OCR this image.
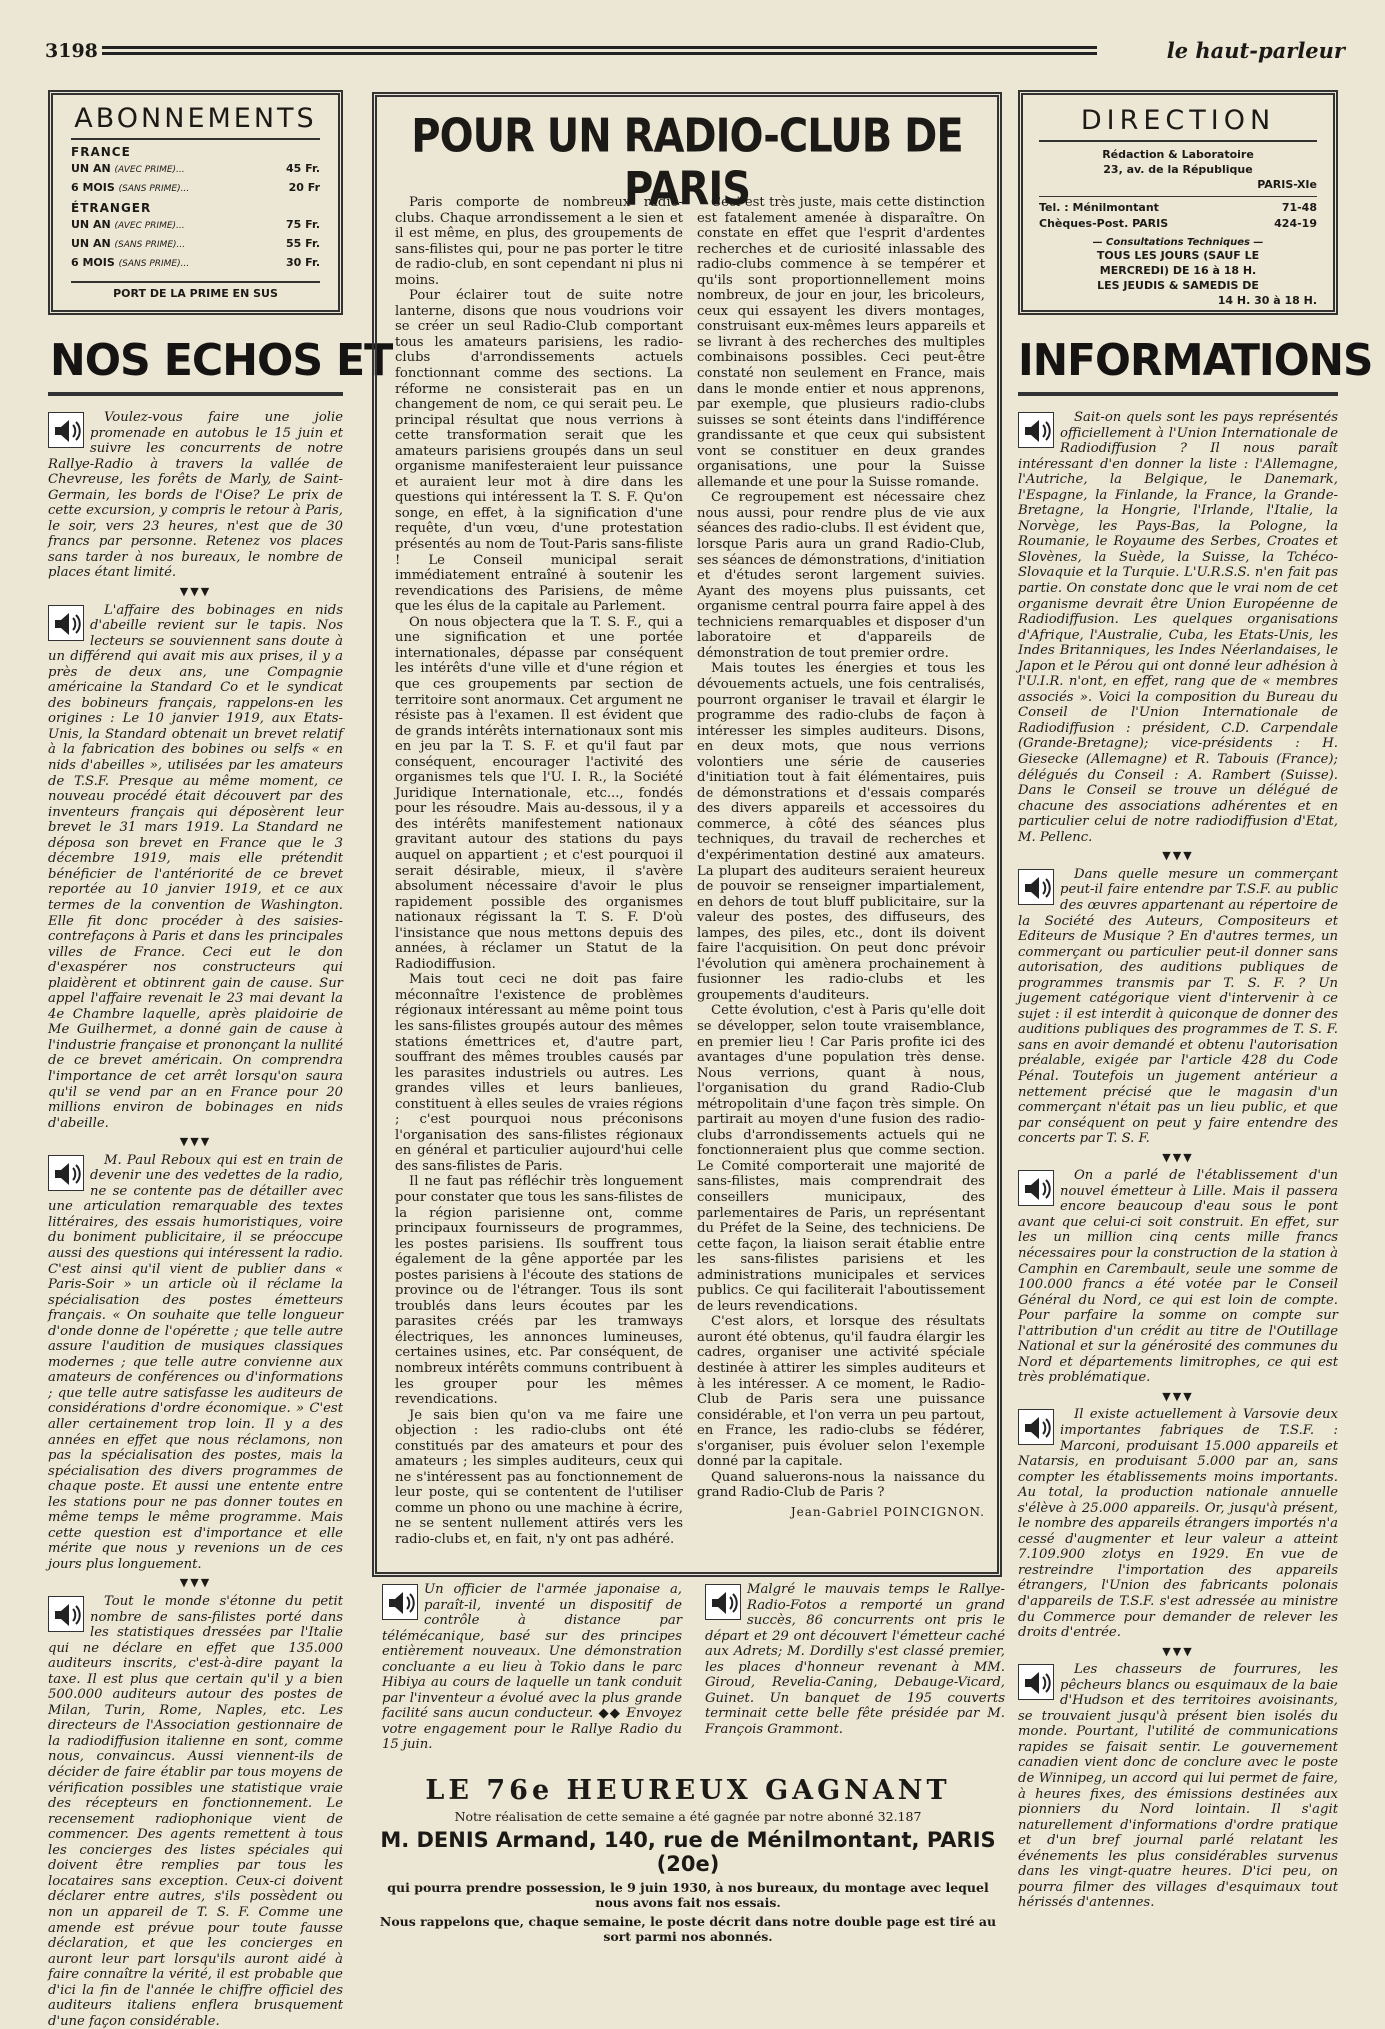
3198	le haut-parleur
ABONNEMENTS
FRANCE
UN AN (AVEC PRIME)...	45 Fr.
6 MOIS (SANS PRIME)...	20 Fr
ÉTRANGER
UN AN (AVEC PRIME)...	75 Fr.
UN AN (SANS PRIME)...	55 Fr.
6 MOIS (SANS PRIME)...	30 Fr.
PORT DE LA PRIME EN SUS
DIRECTION
Rédaction & Laboratoire
23, av. de la République
PARIS-XIe
Tel. : Ménilmontant	71-48
Chèques-Post. PARIS	424-19
— Consultations Techniques —
TOUS LES JOURS (SAUF LE
MERCREDI) DE 16 à 18 H.
LES JEUDIS & SAMEDIS DE
14 H. 30 à 18 H.
NOS ECHOS ET	INFORMATIONS

Voulez-vous faire une jolie promenade en autobus le 15 juin et suivre les concurrents de notre Rallye-Radio à travers la vallée de Chevreuse, les forêts de Marly, de Saint-Germain, les bords de l'Oise? Le prix de cette excursion, y compris le retour à Paris, le soir, vers 23 heures, n'est que de 30 francs par personne. Retenez vos places sans tarder à nos bureaux, le nombre de places étant limité.

▼▼▼

L'affaire des bobinages en nids d'abeille revient sur le tapis. Nos lecteurs se souviennent sans doute à un différend qui avait mis aux prises, il y a près de deux ans, une Compagnie américaine la Standard Co et le syndicat des bobineurs français, rappelons-en les origines : Le 10 janvier 1919, aux Etats-Unis, la Standard obtenait un brevet relatif à la fabrication des bobines ou selfs « en nids d'abeilles », utilisées par les amateurs de T.S.F. Presque au même moment, ce nouveau procédé était découvert par des inventeurs français qui déposèrent leur brevet le 31 mars 1919. La Standard ne déposa son brevet en France que le 3 décembre 1919, mais elle prétendit bénéficier de l'antériorité de ce brevet reportée au 10 janvier 1919, et ce aux termes de la convention de Washington. Elle fit donc procéder à des saisies-contrefaçons à Paris et dans les principales villes de France. Ceci eut le don d'exaspérer nos constructeurs qui plaidèrent et obtinrent gain de cause. Sur appel l'affaire revenait le 23 mai devant la 4e Chambre laquelle, après plaidoirie de Me Guilhermet, a donné gain de cause à l'industrie française et prononçant la nullité de ce brevet américain. On comprendra l'importance de cet arrêt lorsqu'on saura qu'il se vend par an en France pour 20 millions environ de bobinages en nids d'abeille.

▼▼▼

M. Paul Reboux qui est en train de devenir une des vedettes de la radio, ne se contente pas de détailler avec une articulation remarquable des textes littéraires, des essais humoristiques, voire du boniment publicitaire, il se préoccupe aussi des questions qui intéressent la radio. C'est ainsi qu'il vient de publier dans « Paris-Soir » un article où il réclame la spécialisation des postes émetteurs français. « On souhaite que telle longueur d'onde donne de l'opérette ; que telle autre assure l'audition de musiques classiques modernes ; que telle autre convienne aux amateurs de conférences ou d'informations ; que telle autre satisfasse les auditeurs de considérations d'ordre économique. » C'est aller certainement trop loin. Il y a des années en effet que nous réclamons, non pas la spécialisation des postes, mais la spécialisation des divers programmes de chaque poste. Et aussi une entente entre les stations pour ne pas donner toutes en même temps le même programme. Mais cette question est d'importance et elle mérite que nous y revenions un de ces jours plus longuement.

▼▼▼

Tout le monde s'étonne du petit nombre de sans-filistes porté dans les statistiques dressées par l'Italie qui ne déclare en effet que 135.000 auditeurs inscrits, c'est-à-dire payant la taxe. Il est plus que certain qu'il y a bien 500.000 auditeurs autour des postes de Milan, Turin, Rome, Naples, etc. Les directeurs de l'Association gestionnaire de la radiodiffusion italienne en sont, comme nous, convaincus. Aussi viennent-ils de décider de faire établir par tous moyens de vérification possibles une statistique vraie des récepteurs en fonctionnement. Le recensement radiophonique vient de commencer. Des agents remettent à tous les concierges des listes spéciales qui doivent être remplies par tous les locataires sans exception. Ceux-ci doivent déclarer entre autres, s'ils possèdent ou non un appareil de T. S. F. Comme une amende est prévue pour toute fausse déclaration, et que les concierges en auront leur part lorsqu'ils auront aidé à faire connaître la vérité, il est probable que d'ici la fin de l'année le chiffre officiel des auditeurs italiens enflera brusquement d'une façon considérable.

POUR UN RADIO-CLUB DE PARIS

Paris comporte de nombreux radio-clubs. Chaque arrondissement a le sien et il est même, en plus, des groupements de sans-filistes qui, pour ne pas porter le titre de radio-club, en sont cependant ni plus ni moins.

Pour éclairer tout de suite notre lanterne, disons que nous voudrions voir se créer un seul Radio-Club comportant tous les amateurs parisiens, les radio-clubs d'arrondissements actuels fonctionnant comme des sections. La réforme ne consisterait pas en un changement de nom, ce qui serait peu. Le principal résultat que nous verrions à cette transformation serait que les amateurs parisiens groupés dans un seul organisme manifesteraient leur puissance et auraient leur mot à dire dans les questions qui intéressent la T. S. F. Qu'on songe, en effet, à la signification d'une requête, d'un vœu, d'une protestation présentés au nom de Tout-Paris sans-filiste ! Le Conseil municipal serait immédiatement entraîné à soutenir les revendications des Parisiens, de même que les élus de la capitale au Parlement.

On nous objectera que la T. S. F., qui a une signification et une portée internationales, dépasse par conséquent les intérêts d'une ville et d'une région et que ces groupements par section de territoire sont anormaux. Cet argument ne résiste pas à l'examen. Il est évident que de grands intérêts internationaux sont mis en jeu par la T. S. F. et qu'il faut par conséquent, encourager l'activité des organismes tels que l'U. I. R., la Société Juridique Internationale, etc..., fondés pour les résoudre. Mais au-dessous, il y a des intérêts manifestement nationaux gravitant autour des stations du pays auquel on appartient ; et c'est pourquoi il serait désirable, mieux, il s'avère absolument nécessaire d'avoir le plus rapidement possible des organismes nationaux régissant la T. S. F. D'où l'insistance que nous mettons depuis des années, à réclamer un Statut de la Radiodiffusion.

Mais tout ceci ne doit pas faire méconnaître l'existence de problèmes régionaux intéressant au même point tous les sans-filistes groupés autour des mêmes stations émettrices et, d'autre part, souffrant des mêmes troubles causés par les parasites industriels ou autres. Les grandes villes et leurs banlieues, constituent à elles seules de vraies régions ; c'est pourquoi nous préconisons l'organisation des sans-filistes régionaux en général et particulier aujourd'hui celle des sans-filistes de Paris.

Il ne faut pas réfléchir très longuement pour constater que tous les sans-filistes de la région parisienne ont, comme principaux fournisseurs de programmes, les postes parisiens. Ils souffrent tous également de la gêne apportée par les postes parisiens à l'écoute des stations de province ou de l'étranger. Tous ils sont troublés dans leurs écoutes par les parasites créés par les tramways électriques, les annonces lumineuses, certaines usines, etc. Par conséquent, de nombreux intérêts communs contribuent à les grouper pour les mêmes revendications.

Je sais bien qu'on va me faire une objection : les radio-clubs ont été constitués par des amateurs et pour des amateurs ; les simples auditeurs, ceux qui ne s'intéressent pas au fonctionnement de leur poste, qui se contentent de l'utiliser comme un phono ou une machine à écrire, ne se sentent nullement attirés vers les radio-clubs et, en fait, n'y ont pas adhéré.

Ceci est très juste, mais cette distinction est fatalement amenée à disparaître. On constate en effet que l'esprit d'ardentes recherches et de curiosité inlassable des radio-clubs commence à se tempérer et qu'ils sont proportionnellement moins nombreux, de jour en jour, les bricoleurs, ceux qui essayent les divers montages, construisant eux-mêmes leurs appareils et se livrant à des recherches des multiples combinaisons possibles. Ceci peut-être constaté non seulement en France, mais dans le monde entier et nous apprenons, par exemple, que plusieurs radio-clubs suisses se sont éteints dans l'indifférence grandissante et que ceux qui subsistent vont se constituer en deux grandes organisations, une pour la Suisse allemande et une pour la Suisse romande.

Ce regroupement est nécessaire chez nous aussi, pour rendre plus de vie aux séances des radio-clubs. Il est évident que, lorsque Paris aura un grand Radio-Club, ses séances de démonstrations, d'initiation et d'études seront largement suivies. Ayant des moyens plus puissants, cet organisme central pourra faire appel à des techniciens remarquables et disposer d'un laboratoire et d'appareils de démonstration de tout premier ordre.

Mais toutes les énergies et tous les dévouements actuels, une fois centralisés, pourront organiser le travail et élargir le programme des radio-clubs de façon à intéresser les simples auditeurs. Disons, en deux mots, que nous verrions volontiers une série de causeries d'initiation tout à fait élémentaires, puis de démonstrations et d'essais comparés des divers appareils et accessoires du commerce, à côté des séances plus techniques, du travail de recherches et d'expérimentation destiné aux amateurs. La plupart des auditeurs seraient heureux de pouvoir se renseigner impartialement, en dehors de tout bluff publicitaire, sur la valeur des postes, des diffuseurs, des lampes, des piles, etc., dont ils doivent faire l'acquisition. On peut donc prévoir l'évolution qui amènera prochainement à fusionner les radio-clubs et les groupements d'auditeurs.

Cette évolution, c'est à Paris qu'elle doit se développer, selon toute vraisemblance, en premier lieu ! Car Paris profite ici des avantages d'une population très dense. Nous verrions, quant à nous, l'organisation du grand Radio-Club métropolitain d'une façon très simple. On partirait au moyen d'une fusion des radio-clubs d'arrondissements actuels qui ne fonctionneraient plus que comme section. Le Comité comporterait une majorité de sans-filistes, mais comprendrait des conseillers municipaux, des parlementaires de Paris, un représentant du Préfet de la Seine, des techniciens. De cette façon, la liaison serait établie entre les sans-filistes parisiens et les administrations municipales et services publics. Ce qui faciliterait l'aboutissement de leurs revendications.

C'est alors, et lorsque des résultats auront été obtenus, qu'il faudra élargir les cadres, organiser une activité spéciale destinée à attirer les simples auditeurs et à les intéresser. A ce moment, le Radio-Club de Paris sera une puissance considérable, et l'on verra un peu partout, en France, les radio-clubs se fédérer, s'organiser, puis évoluer selon l'exemple donné par la capitale.

Quand saluerons-nous la naissance du grand Radio-Club de Paris ?

Jean-Gabriel POINCIGNON.
Un officier de l'armée japonaise a, paraît-il, inventé un dispositif de contrôle à distance par télémécanique, basé sur des principes entièrement nouveaux. Une démonstration concluante a eu lieu à Tokio dans le parc Hibiya au cours de laquelle un tank conduit par l'inventeur a évolué avec la plus grande facilité sans aucun conducteur. ◆◆ Envoyez votre engagement pour le Rallye Radio du 15 juin.
Malgré le mauvais temps le Rallye-Radio-Fotos a remporté un grand succès, 86 concurrents ont pris le départ et 29 ont découvert l'émetteur caché aux Adrets; M. Dordilly s'est classé premier, les places d'honneur revenant à MM. Giroud, Revelia-Caning, Debauge-Vicard, Guinet. Un banquet de 195 couverts terminait cette belle fête présidée par M. François Grammont.
LE 76e HEUREUX GAGNANT
Notre réalisation de cette semaine a été gagnée par notre abonné 32.187
M. DENIS Armand, 140, rue de Ménilmontant, PARIS (20e)
qui pourra prendre possession, le 9 juin 1930, à nos bureaux, du montage avec lequel nous avons fait nos essais.
Nous rappelons que, chaque semaine, le poste décrit dans notre double page est tiré au sort parmi nos abonnés.

Sait-on quels sont les pays représentés officiellement à l'Union Internationale de Radiodiffusion ? Il nous paraît intéressant d'en donner la liste : l'Allemagne, l'Autriche, la Belgique, le Danemark, l'Espagne, la Finlande, la France, la Grande-Bretagne, la Hongrie, l'Irlande, l'Italie, la Norvège, les Pays-Bas, la Pologne, la Roumanie, le Royaume des Serbes, Croates et Slovènes, la Suède, la Suisse, la Tchéco-Slovaquie et la Turquie. L'U.R.S.S. n'en fait pas partie. On constate donc que le vrai nom de cet organisme devrait être Union Européenne de Radiodiffusion. Les quelques organisations d'Afrique, l'Australie, Cuba, les Etats-Unis, les Indes Britanniques, les Indes Néerlandaises, le Japon et le Pérou qui ont donné leur adhésion à l'U.I.R. n'ont, en effet, rang que de « membres associés ». Voici la composition du Bureau du Conseil de l'Union Internationale de Radiodiffusion : président, C.D. Carpendale (Grande-Bretagne); vice-présidents : H. Giesecke (Allemagne) et R. Tabouis (France); délégués du Conseil : A. Rambert (Suisse). Dans le Conseil se trouve un délégué de chacune des associations adhérentes et en particulier celui de notre radiodiffusion d'Etat, M. Pellenc.

▼▼▼

Dans quelle mesure un commerçant peut-il faire entendre par T.S.F. au public des œuvres appartenant au répertoire de la Société des Auteurs, Compositeurs et Editeurs de Musique ? En d'autres termes, un commerçant ou particulier peut-il donner sans autorisation, des auditions publiques de programmes transmis par T. S. F. ? Un jugement catégorique vient d'intervenir à ce sujet : il est interdit à quiconque de donner des auditions publiques des programmes de T. S. F. sans en avoir demandé et obtenu l'autorisation préalable, exigée par l'article 428 du Code Pénal. Toutefois un jugement antérieur a nettement précisé que le magasin d'un commerçant n'était pas un lieu public, et que par conséquent on peut y faire entendre des concerts par T. S. F.

▼▼▼

On a parlé de l'établissement d'un nouvel émetteur à Lille. Mais il passera encore beaucoup d'eau sous le pont avant que celui-ci soit construit. En effet, sur les un million cinq cents mille francs nécessaires pour la construction de la station à Camphin en Carembault, seule une somme de 100.000 francs a été votée par le Conseil Général du Nord, ce qui est loin de compte. Pour parfaire la somme on compte sur l'attribution d'un crédit au titre de l'Outillage National et sur la générosité des communes du Nord et départements limitrophes, ce qui est très problématique.

▼▼▼

Il existe actuellement à Varsovie deux importantes fabriques de T.S.F. : Marconi, produisant 15.000 appareils et Natarsis, en produisant 5.000 par an, sans compter les établissements moins importants. Au total, la production nationale annuelle s'élève à 25.000 appareils. Or, jusqu'à présent, le nombre des appareils étrangers importés n'a cessé d'augmenter et leur valeur a atteint 7.109.900 zlotys en 1929. En vue de restreindre l'importation des appareils étrangers, l'Union des fabricants polonais d'appareils de T.S.F. s'est adressée au ministre du Commerce pour demander de relever les droits d'entrée.

▼▼▼

Les chasseurs de fourrures, les pêcheurs blancs ou esquimaux de la baie d'Hudson et des territoires avoisinants, se trouvaient jusqu'à présent bien isolés du monde. Pourtant, l'utilité de communications rapides se faisait sentir. Le gouvernement canadien vient donc de conclure avec le poste de Winnipeg, un accord qui lui permet de faire, à heures fixes, des émissions destinées aux pionniers du Nord lointain. Il s'agit naturellement d'informations d'ordre pratique et d'un bref journal parlé relatant les événements les plus considérables survenus dans les vingt-quatre heures. D'ici peu, on pourra filmer des villages d'esquimaux tout hérissés d'antennes.
